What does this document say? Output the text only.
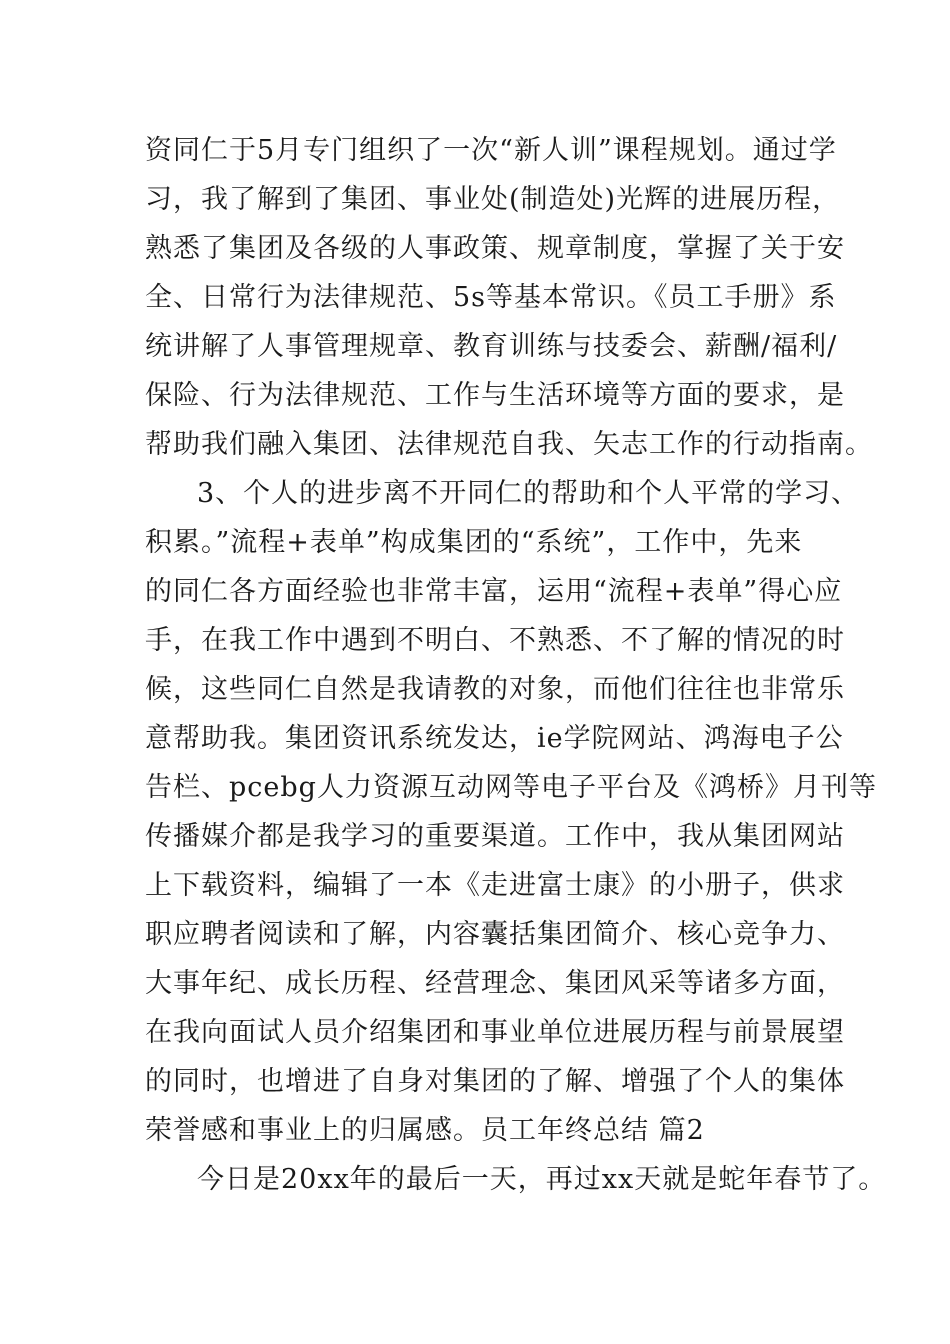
资同仁于5月专门组织了一次“新人训”课程规划。通过学

习，我了解到了集团、事业处(制造处)光辉的进展历程，

熟悉了集团及各级的人事政策、规章制度，掌握了关于安

全、日常行为法律规范、5s等基本常识。《员工手册》系

统讲解了人事管理规章、教育训练与技委会、薪酬/福利/

保险、行为法律规范、工作与生活环境等方面的要求，是

帮助我们融入集团、法律规范自我、矢志工作的行动指南。

3、个人的进步离不开同仁的帮助和个人平常的学习、

积累。”流程+表单”构成集团的“系统”，工作中，先来

的同仁各方面经验也非常丰富，运用“流程+表单”得心应

手，在我工作中遇到不明白、不熟悉、不了解的情况的时

候，这些同仁自然是我请教的对象，而他们往往也非常乐

意帮助我。集团资讯系统发达，ie学院网站、鸿海电子公

告栏、pcebg人力资源互动网等电子平台及《鸿桥》月刊等

传播媒介都是我学习的重要渠道。工作中，我从集团网站

上下载资料，编辑了一本《走进富士康》的小册子，供求

职应聘者阅读和了解，内容囊括集团简介、核心竞争力、

大事年纪、成长历程、经营理念、集团风采等诸多方面，

在我向面试人员介绍集团和事业单位进展历程与前景展望

的同时，也增进了自身对集团的了解、增强了个人的集体

荣誉感和事业上的归属感。员工年终总结 篇2

今日是20xx年的最后一天，再过xx天就是蛇年春节了。
